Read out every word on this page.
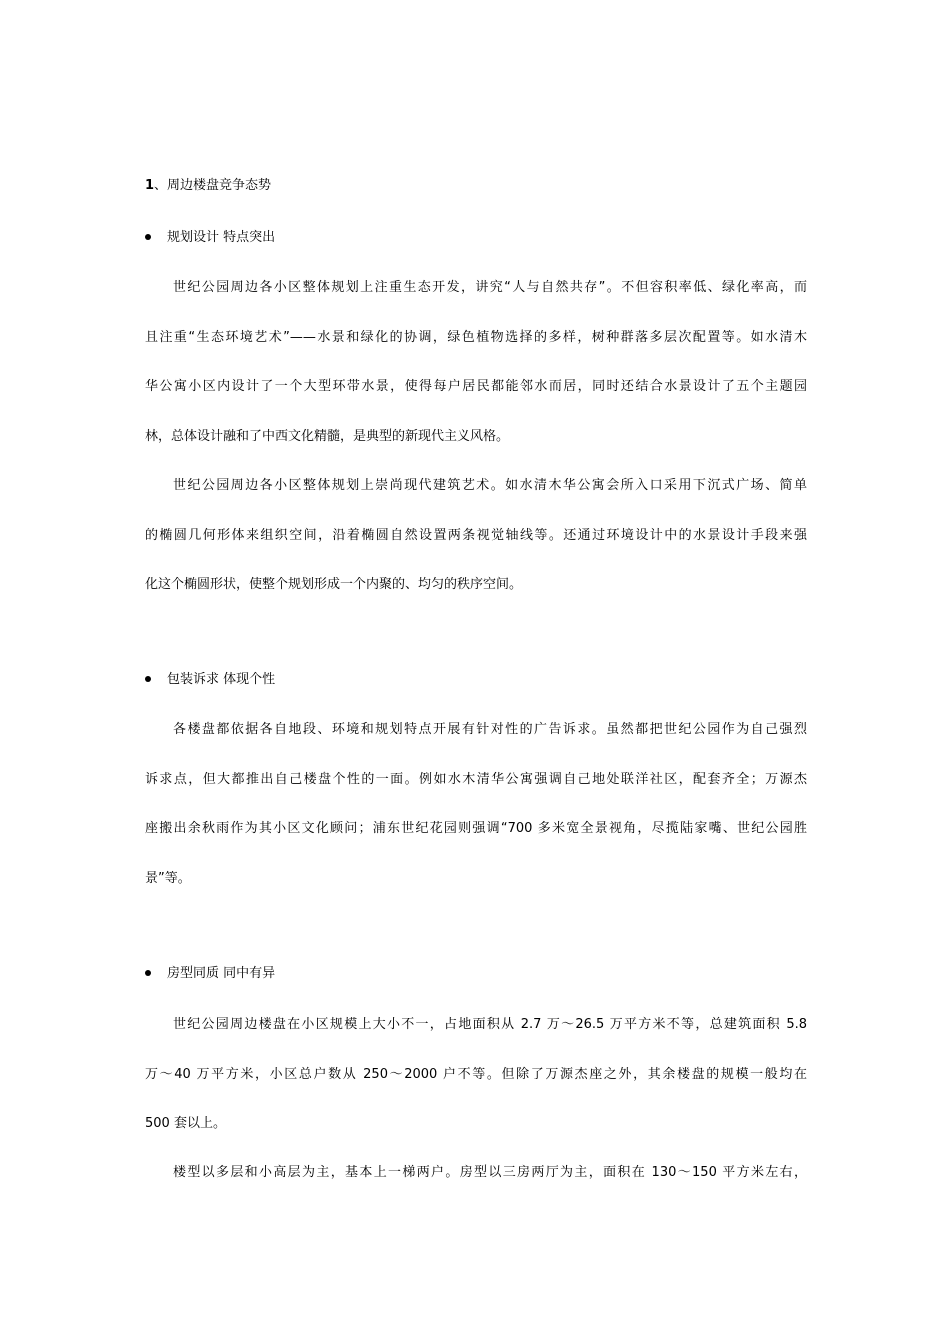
1、周边楼盘竞争态势
规划设计 特点突出
世纪公园周边各小区整体规划上注重生态开发，讲究“人与自然共存”。不但容积率低、绿化率高，而
且注重“生态环境艺术”——水景和绿化的协调，绿色植物选择的多样，树种群落多层次配置等。如水清木
华公寓小区内设计了一个大型环带水景，使得每户居民都能邻水而居，同时还结合水景设计了五个主题园
林，总体设计融和了中西文化精髓，是典型的新现代主义风格。
世纪公园周边各小区整体规划上崇尚现代建筑艺术。如水清木华公寓会所入口采用下沉式广场、简单
的椭圆几何形体来组织空间，沿着椭圆自然设置两条视觉轴线等。还通过环境设计中的水景设计手段来强
化这个椭圆形状，使整个规划形成一个内聚的、均匀的秩序空间。
包装诉求 体现个性
各楼盘都依据各自地段、环境和规划特点开展有针对性的广告诉求。虽然都把世纪公园作为自己强烈
诉求点，但大都推出自己楼盘个性的一面。例如水木清华公寓强调自己地处联洋社区，配套齐全；万源杰
座搬出余秋雨作为其小区文化顾问；浦东世纪花园则强调“700 多米宽全景视角，尽揽陆家嘴、世纪公园胜
景”等。
房型同质 同中有异
世纪公园周边楼盘在小区规模上大小不一，占地面积从 2.7 万～26.5 万平方米不等，总建筑面积 5.8
万～40 万平方米，小区总户数从 250～2000 户不等。但除了万源杰座之外，其余楼盘的规模一般均在
500 套以上。
楼型以多层和小高层为主，基本上一梯两户。房型以三房两厅为主，面积在 130～150 平方米左右，
